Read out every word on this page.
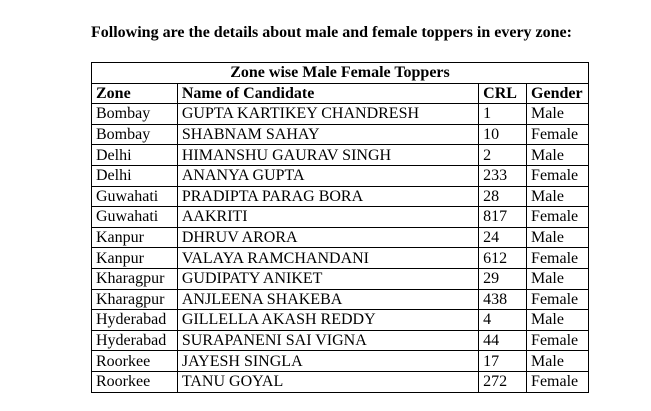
Following are the details about male and female toppers in every zone:
Zone wise Male Female Toppers			
Zone	Name of Candidate	CRL	Gender
Bombay	GUPTA KARTIKEY CHANDRESH	1	Male
Bombay	SHABNAM SAHAY	10	Female
Delhi	HIMANSHU GAURAV SINGH	2	Male
Delhi	ANANYA GUPTA	233	Female
Guwahati	PRADIPTA PARAG BORA	28	Male
Guwahati	AAKRITI	817	Female
Kanpur	DHRUV ARORA	24	Male
Kanpur	VALAYA RAMCHANDANI	612	Female
Kharagpur	GUDIPATY ANIKET	29	Male
Kharagpur	ANJLEENA SHAKEBA	438	Female
Hyderabad	GILLELLA AKASH REDDY	4	Male
Hyderabad	SURAPANENI SAI VIGNA	44	Female
Roorkee	JAYESH SINGLA	17	Male
Roorkee	TANU GOYAL	272	Female
